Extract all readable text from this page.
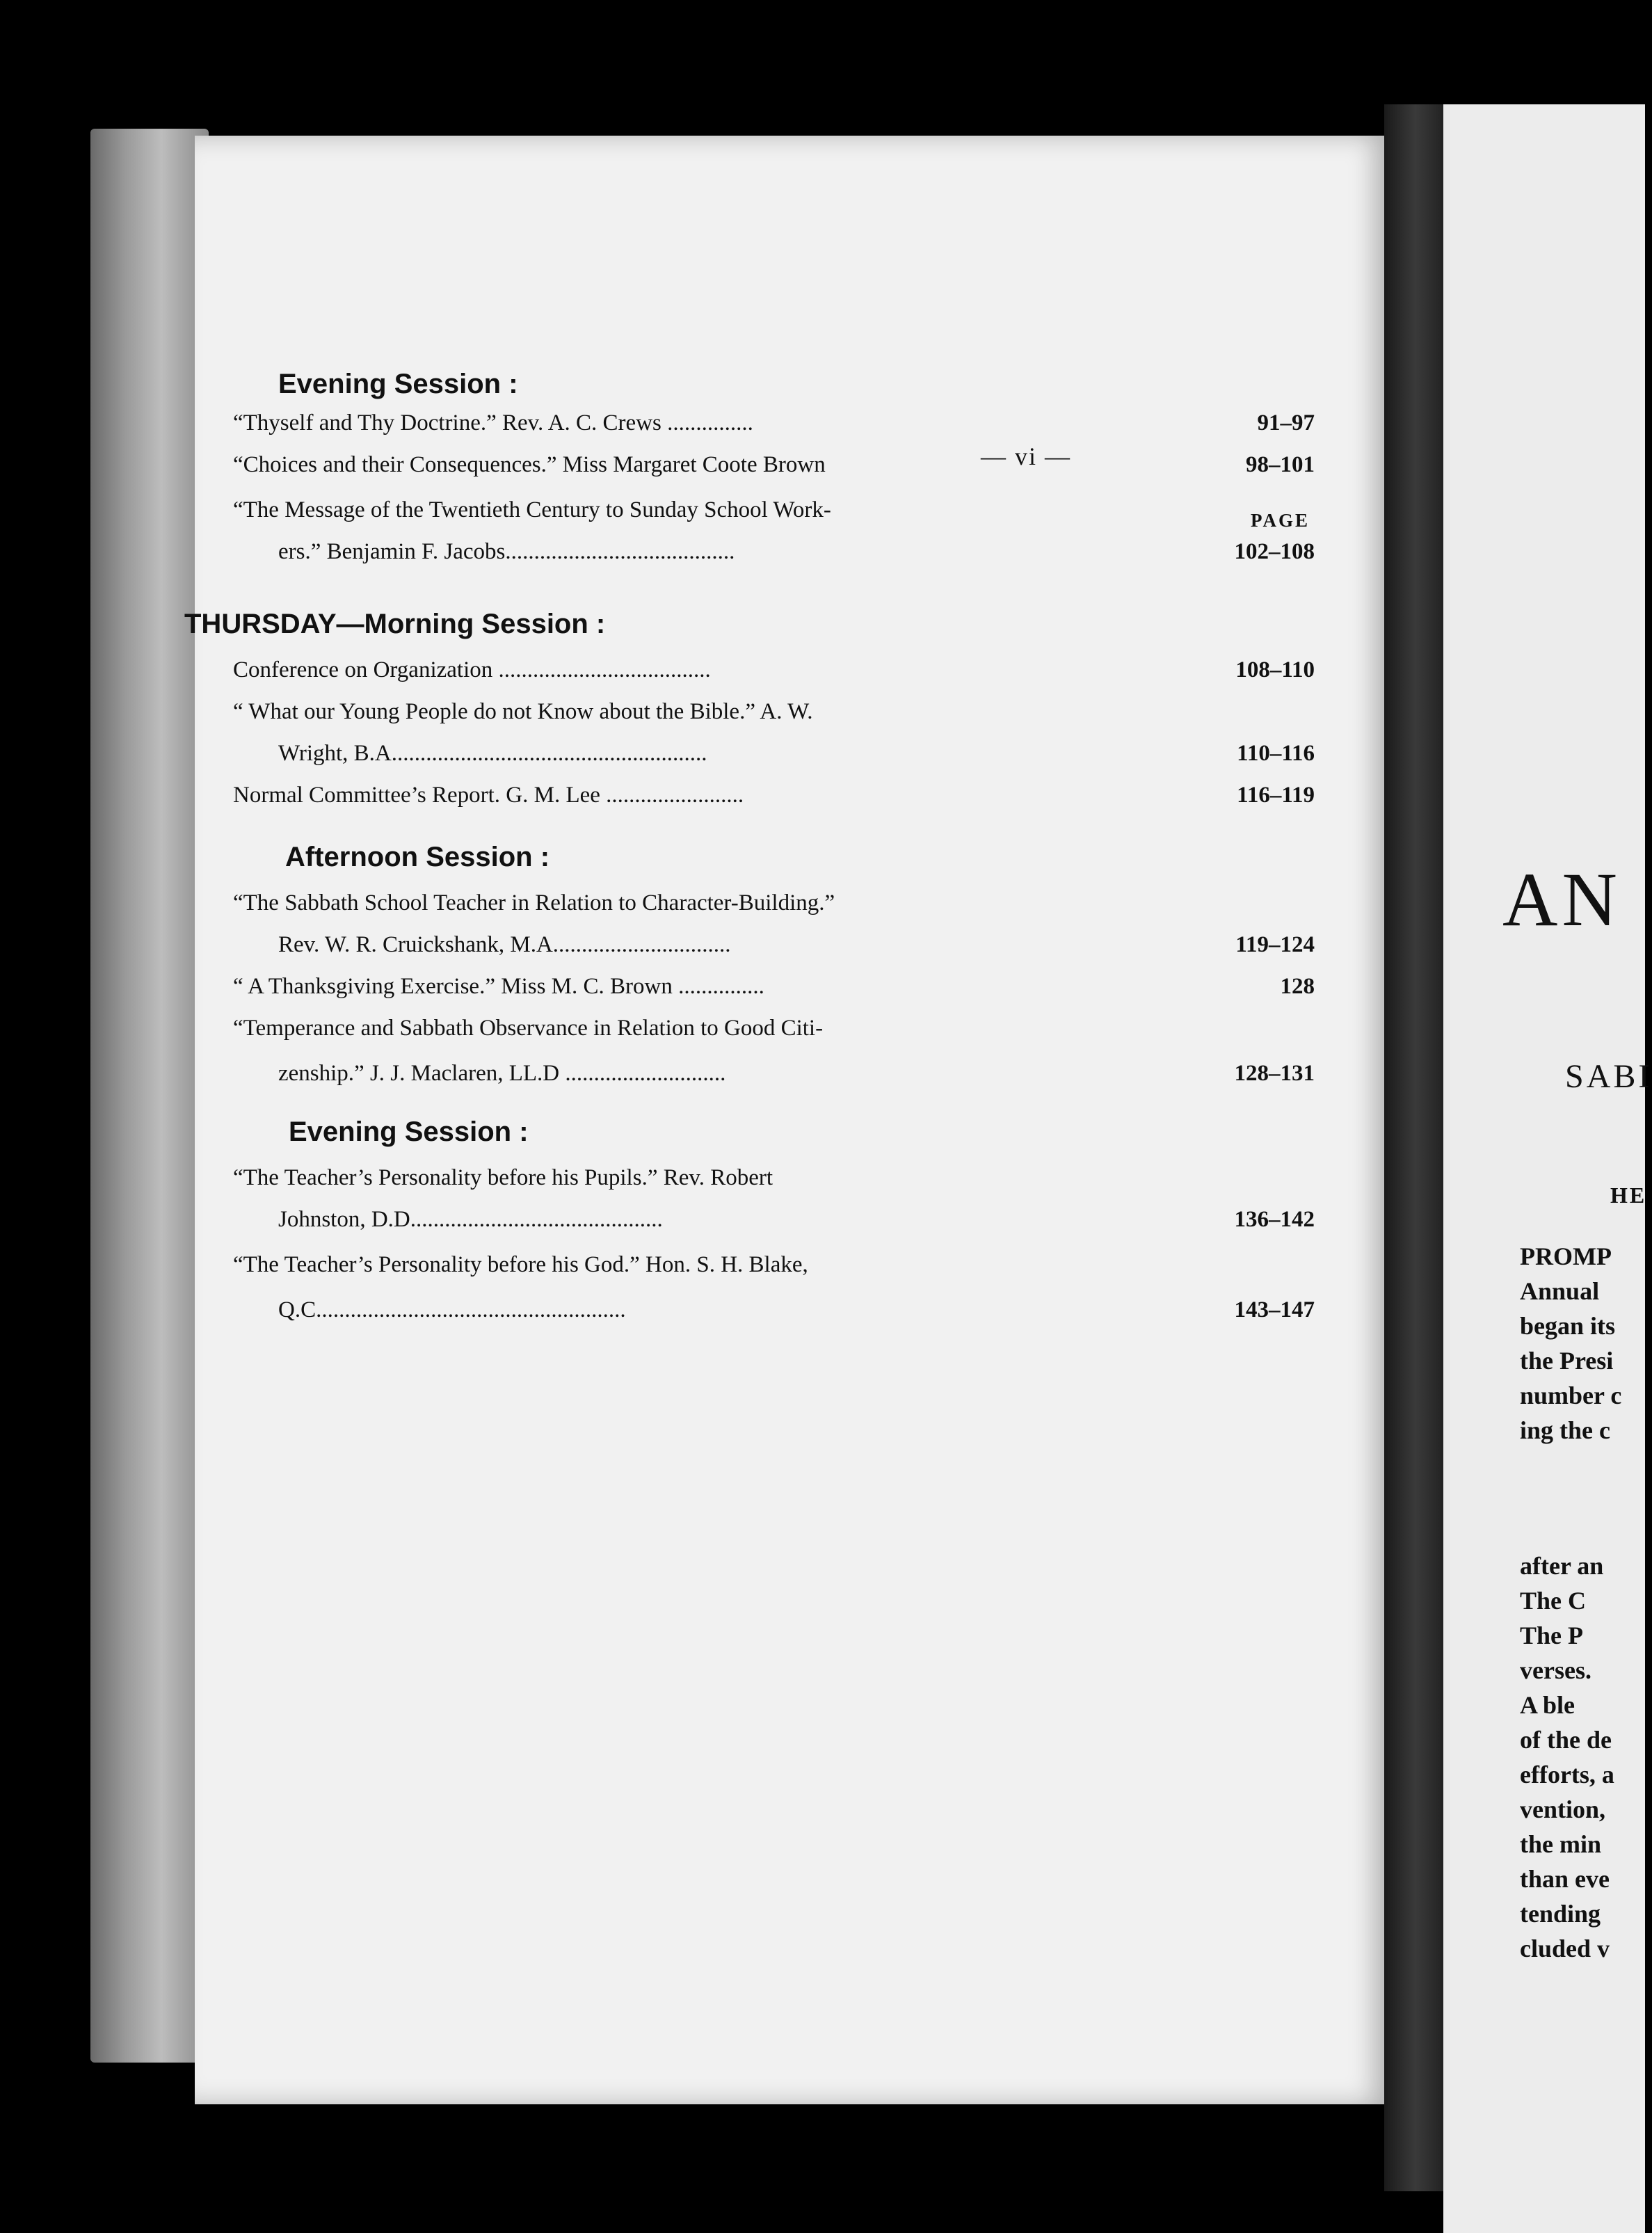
— vi —
PAGE
Evening Session :
“Thyself and Thy Doctrine.” Rev. A. C. Crews ...............	91–97
“Choices and their Consequences.” Miss Margaret Coote Brown	98–101
“The Message of the Twentieth Century to Sunday School Work-
ers.” Benjamin F. Jacobs........................................	102–108
THURSDAY—Morning Session :
Conference on Organization .....................................	108–110
“ What our Young People do not Know about the Bible.” A. W.
Wright, B.A.......................................................	110–116
Normal Committee’s Report. G. M. Lee ........................	116–119
Afternoon Session :
“The Sabbath School Teacher in Relation to Character-Building.”
Rev. W. R. Cruickshank, M.A...............................	119–124
“ A Thanksgiving Exercise.” Miss M. C. Brown ...............	128
“Temperance and Sabbath Observance in Relation to Good Citi-
zenship.” J. J. Maclaren, LL.D ............................	128–131
Evening Session :
“The Teacher’s Personality before his Pupils.” Rev. Robert
Johnston, D.D............................................	136–142
“The Teacher’s Personality before his God.” Hon. S. H. Blake,
Q.C......................................................	143–147
AN
SABI
HE
PROMP
Annual
began its
the Presi
number c
ing the c
after an
The C
The P
verses.
A ble
of the de
efforts, a
vention,
the min
than eve
tending
cluded v
